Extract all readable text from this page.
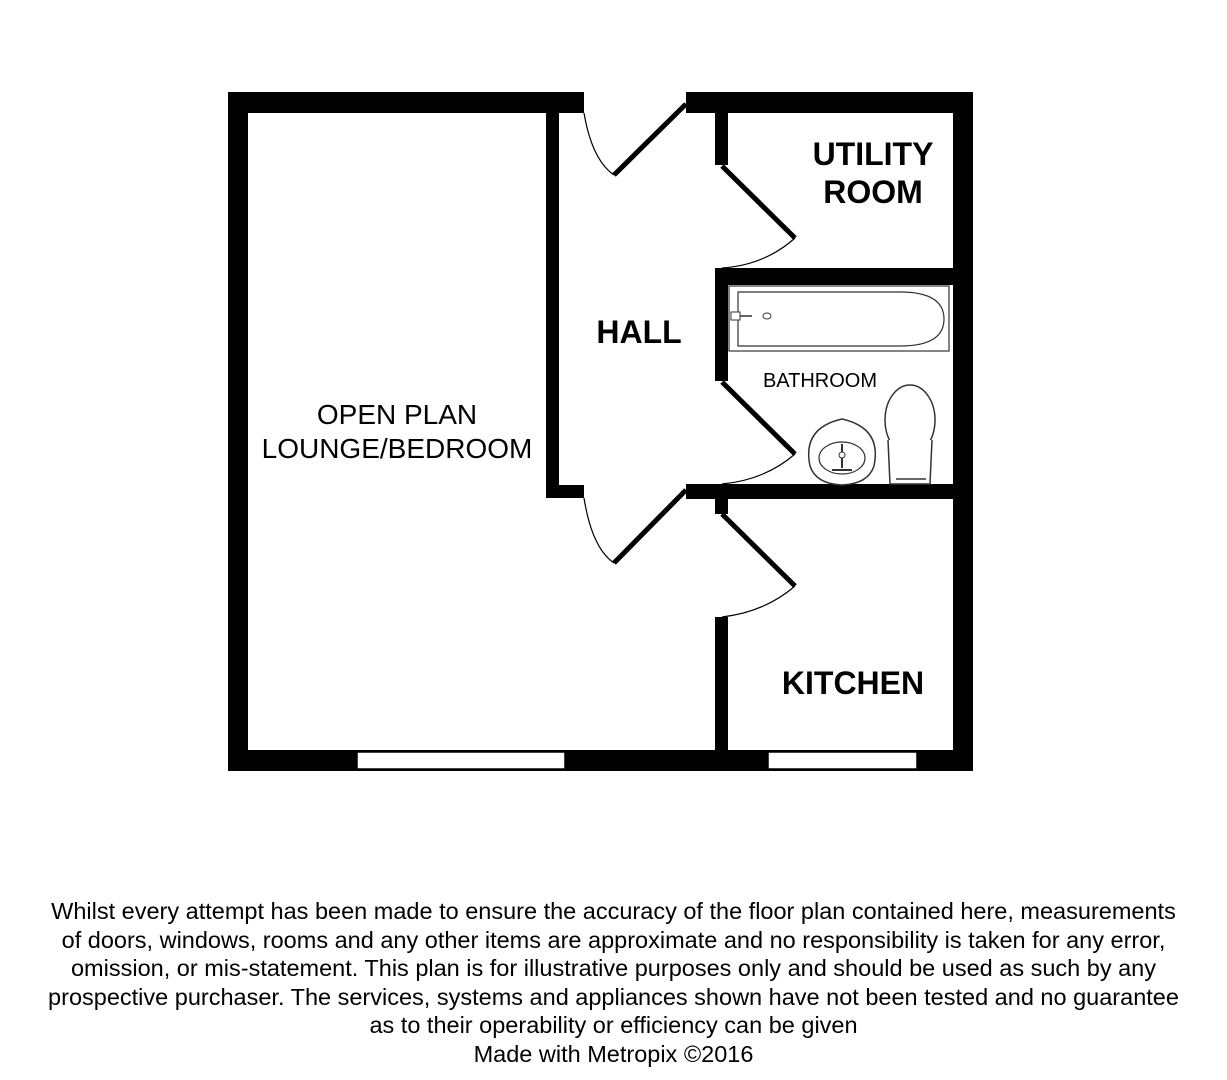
OPEN PLAN
LOUNGE/BEDROOM
HALL
UTILITY
ROOM
BATHROOM
KITCHEN
Whilst every attempt has been made to ensure the accuracy of the floor plan contained here, measurements
of doors, windows, rooms and any other items are approximate and no responsibility is taken for any error,
omission, or mis-statement. This plan is for illustrative purposes only and should be used as such by any
prospective purchaser. The services, systems and appliances shown have not been tested and no guarantee
as to their operability or efficiency can be given
Made with Metropix ©2016
